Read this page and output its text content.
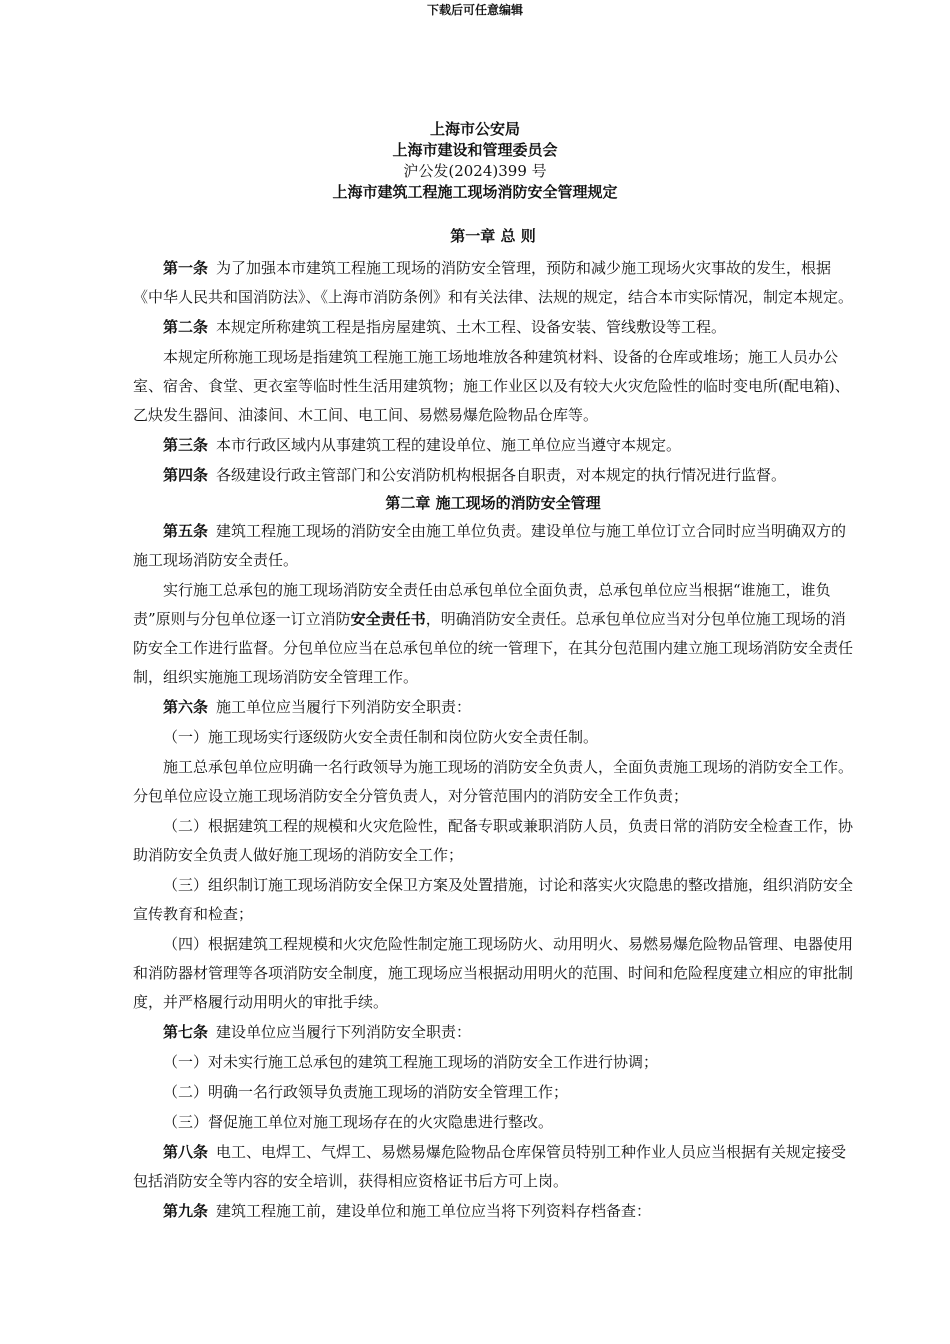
下载后可任意编辑
上海市公安局
上海市建设和管理委员会
沪公发(2024)399 号
上海市建筑工程施工现场消防安全管理规定
第一章 总 则

第一条 为了加强本市建筑工程施工现场的消防安全管理，预防和减少施工现场火灾事故的发生，根据《中华人民共和国消防法》、《上海市消防条例》和有关法律、法规的规定，结合本市实际情况，制定本规定。

第二条 本规定所称建筑工程是指房屋建筑、土木工程、设备安装、管线敷设等工程。

本规定所称施工现场是指建筑工程施工施工场地堆放各种建筑材料、设备的仓库或堆场；施工人员办公室、宿舍、食堂、更衣室等临时性生活用建筑物；施工作业区以及有较大火灾危险性的临时变电所(配电箱)、乙炔发生器间、油漆间、木工间、电工间、易燃易爆危险物品仓库等。

第三条 本市行政区域内从事建筑工程的建设单位、施工单位应当遵守本规定。

第四条 各级建设行政主管部门和公安消防机构根据各自职责，对本规定的执行情况进行监督。

第二章 施工现场的消防安全管理

第五条 建筑工程施工现场的消防安全由施工单位负责。建设单位与施工单位订立合同时应当明确双方的施工现场消防安全责任。

实行施工总承包的施工现场消防安全责任由总承包单位全面负责，总承包单位应当根据“谁施工，谁负责”原则与分包单位逐一订立消防安全责任书，明确消防安全责任。总承包单位应当对分包单位施工现场的消防安全工作进行监督。分包单位应当在总承包单位的统一管理下，在其分包范围内建立施工现场消防安全责任制，组织实施施工现场消防安全管理工作。

第六条 施工单位应当履行下列消防安全职责：

（一）施工现场实行逐级防火安全责任制和岗位防火安全责任制。

施工总承包单位应明确一名行政领导为施工现场的消防安全负责人，全面负责施工现场的消防安全工作。分包单位应设立施工现场消防安全分管负责人，对分管范围内的消防安全工作负责；

（二）根据建筑工程的规模和火灾危险性，配备专职或兼职消防人员，负责日常的消防安全检查工作，协助消防安全负责人做好施工现场的消防安全工作；

（三）组织制订施工现场消防安全保卫方案及处置措施，讨论和落实火灾隐患的整改措施，组织消防安全宣传教育和检查；

（四）根据建筑工程规模和火灾危险性制定施工现场防火、动用明火、易燃易爆危险物品管理、电器使用和消防器材管理等各项消防安全制度，施工现场应当根据动用明火的范围、时间和危险程度建立相应的审批制度，并严格履行动用明火的审批手续。

第七条 建设单位应当履行下列消防安全职责：

（一）对未实行施工总承包的建筑工程施工现场的消防安全工作进行协调；

（二）明确一名行政领导负责施工现场的消防安全管理工作；

（三）督促施工单位对施工现场存在的火灾隐患进行整改。

第八条 电工、电焊工、气焊工、易燃易爆危险物品仓库保管员特别工种作业人员应当根据有关规定接受包括消防安全等内容的安全培训，获得相应资格证书后方可上岗。

第九条 建筑工程施工前，建设单位和施工单位应当将下列资料存档备查：
